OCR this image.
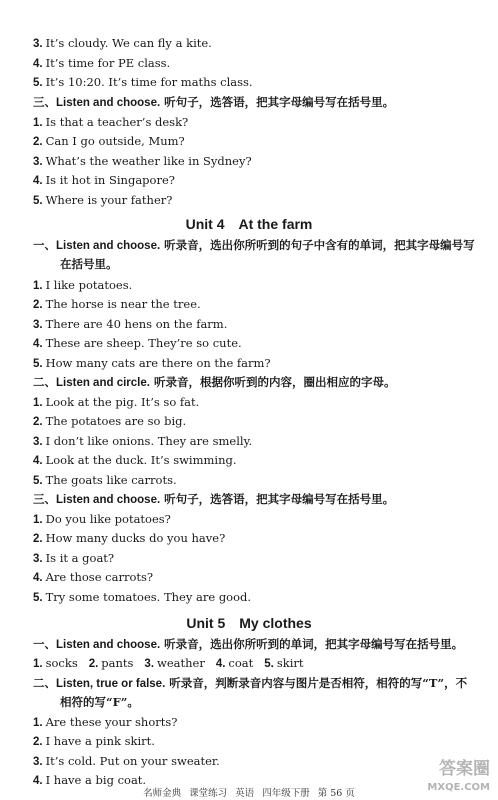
3. It’s cloudy. We can fly a kite.
4. It’s time for PE class.
5. It’s 10:20. It’s time for maths class.
三、Listen and choose. 听句子，选答语，把其字母编号写在括号里。
1. Is that a teacher’s desk?
2. Can I go outside, Mum?
3. What’s the weather like in Sydney?
4. Is it hot in Singapore?
5. Where is your father?
Unit 4 At the farm
一、Listen and choose. 听录音，选出你所听到的句子中含有的单词，把其字母编号写
在括号里。
1. I like potatoes.
2. The horse is near the tree.
3. There are 40 hens on the farm.
4. These are sheep. They’re so cute.
5. How many cats are there on the farm?
二、Listen and circle. 听录音，根据你听到的内容，圈出相应的字母。
1. Look at the pig. It’s so fat.
2. The potatoes are so big.
3. I don’t like onions. They are smelly.
4. Look at the duck. It’s swimming.
5. The goats like carrots.
三、Listen and choose. 听句子，选答语，把其字母编号写在括号里。
1. Do you like potatoes?
2. How many ducks do you have?
3. Is it a goat?
4. Are those carrots?
5. Try some tomatoes. They are good.
Unit 5 My clothes
一、Listen and choose. 听录音，选出你所听到的单词，把其字母编号写在括号里。
1. socks 2. pants 3. weather 4. coat 5. skirt
二、Listen, true or false. 听录音，判断录音内容与图片是否相符，相符的写“T”，不
相符的写“F”。
1. Are these your shorts?
2. I have a pink skirt.
3. It’s cold. Put on your sweater.
4. I have a big coat.
名师金典 课堂练习 英语 四年级下册 第 56 页
答案圈
MXQE.COM
